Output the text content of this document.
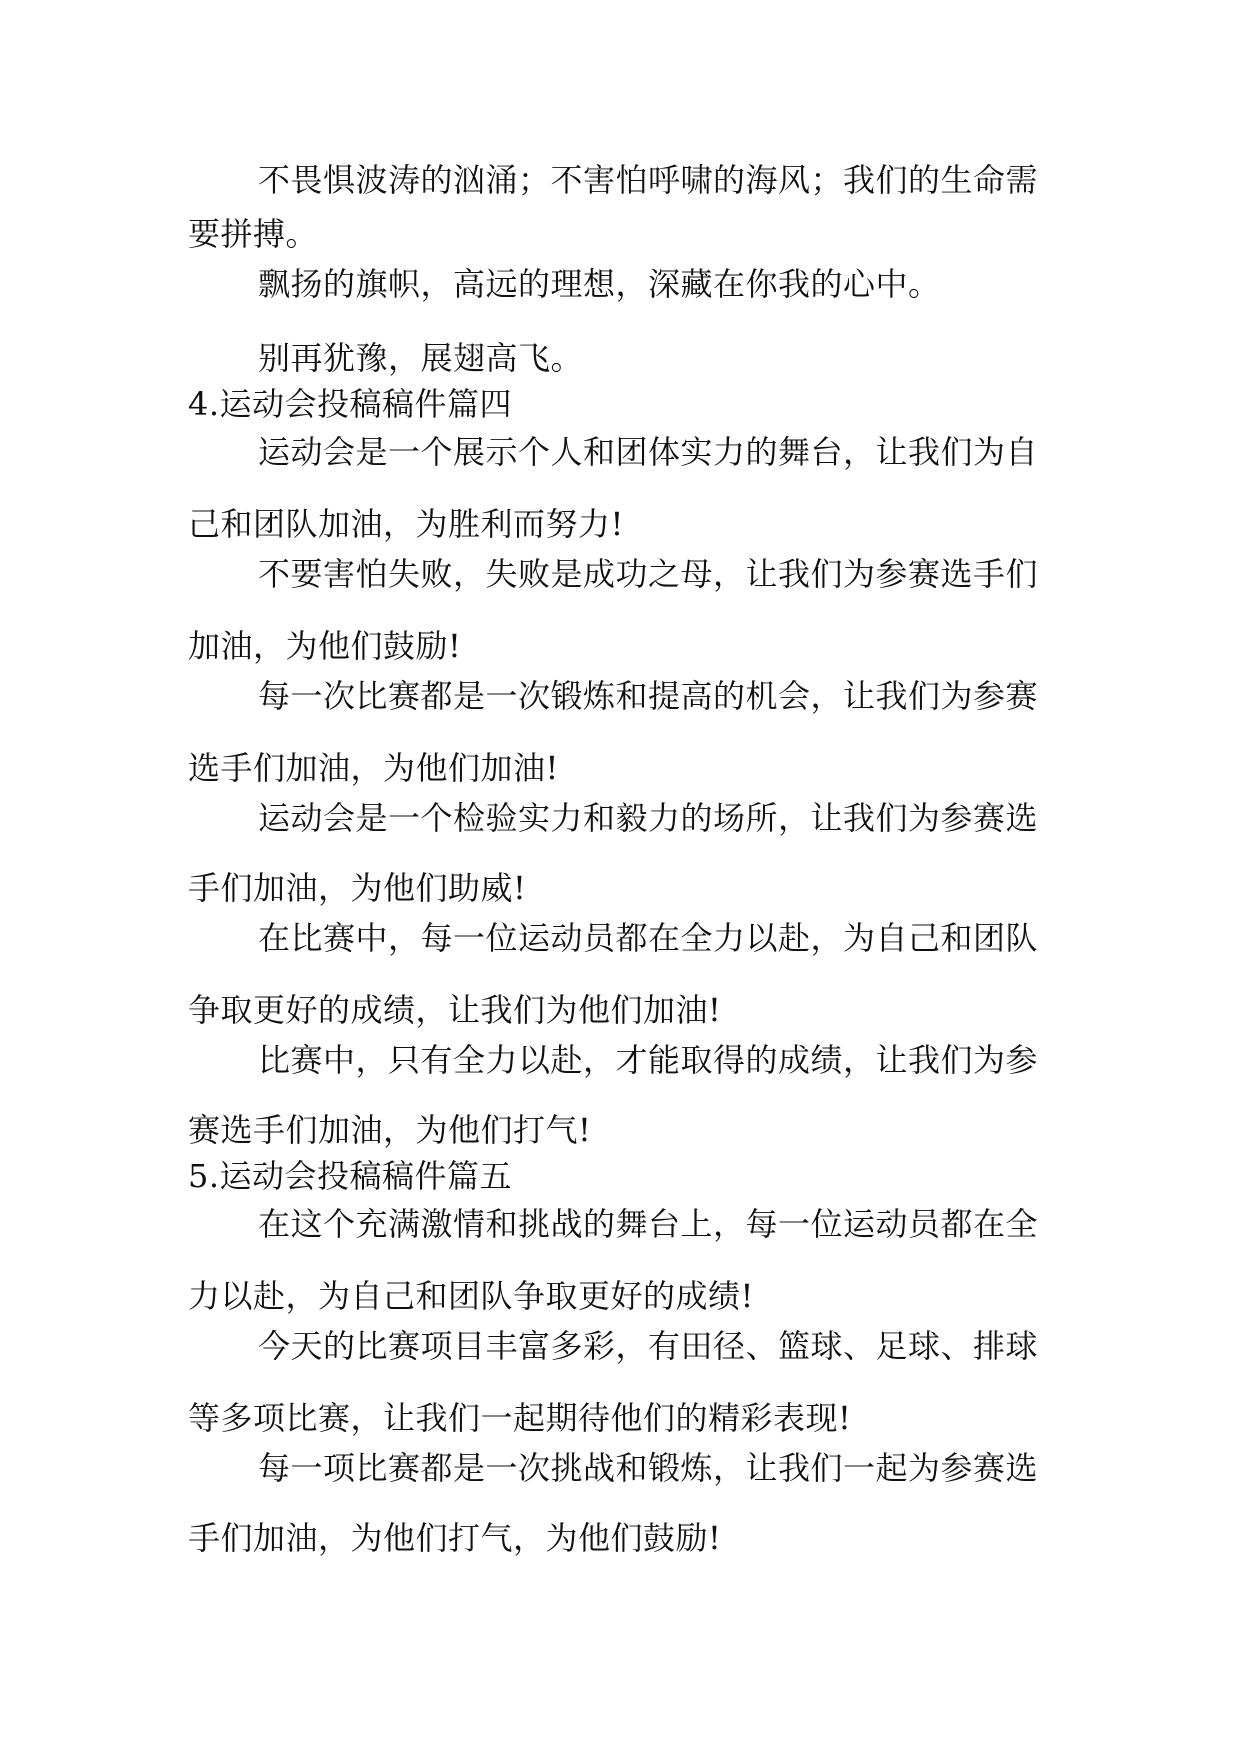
不畏惧波涛的汹涌；不害怕呼啸的海风；我们的生命需
要拼搏。
飘扬的旗帜，高远的理想，深藏在你我的心中。
别再犹豫，展翅高飞。
4.运动会投稿稿件篇四
运动会是一个展示个人和团体实力的舞台，让我们为自
己和团队加油，为胜利而努力!
不要害怕失败，失败是成功之母，让我们为参赛选手们
加油，为他们鼓励!
每一次比赛都是一次锻炼和提高的机会，让我们为参赛
选手们加油，为他们加油!
运动会是一个检验实力和毅力的场所，让我们为参赛选
手们加油，为他们助威!
在比赛中，每一位运动员都在全力以赴，为自己和团队
争取更好的成绩，让我们为他们加油!
比赛中，只有全力以赴，才能取得的成绩，让我们为参
赛选手们加油，为他们打气!
5.运动会投稿稿件篇五
在这个充满激情和挑战的舞台上，每一位运动员都在全
力以赴，为自己和团队争取更好的成绩!
今天的比赛项目丰富多彩，有田径、篮球、足球、排球
等多项比赛，让我们一起期待他们的精彩表现!
每一项比赛都是一次挑战和锻炼，让我们一起为参赛选
手们加油，为他们打气，为他们鼓励!
